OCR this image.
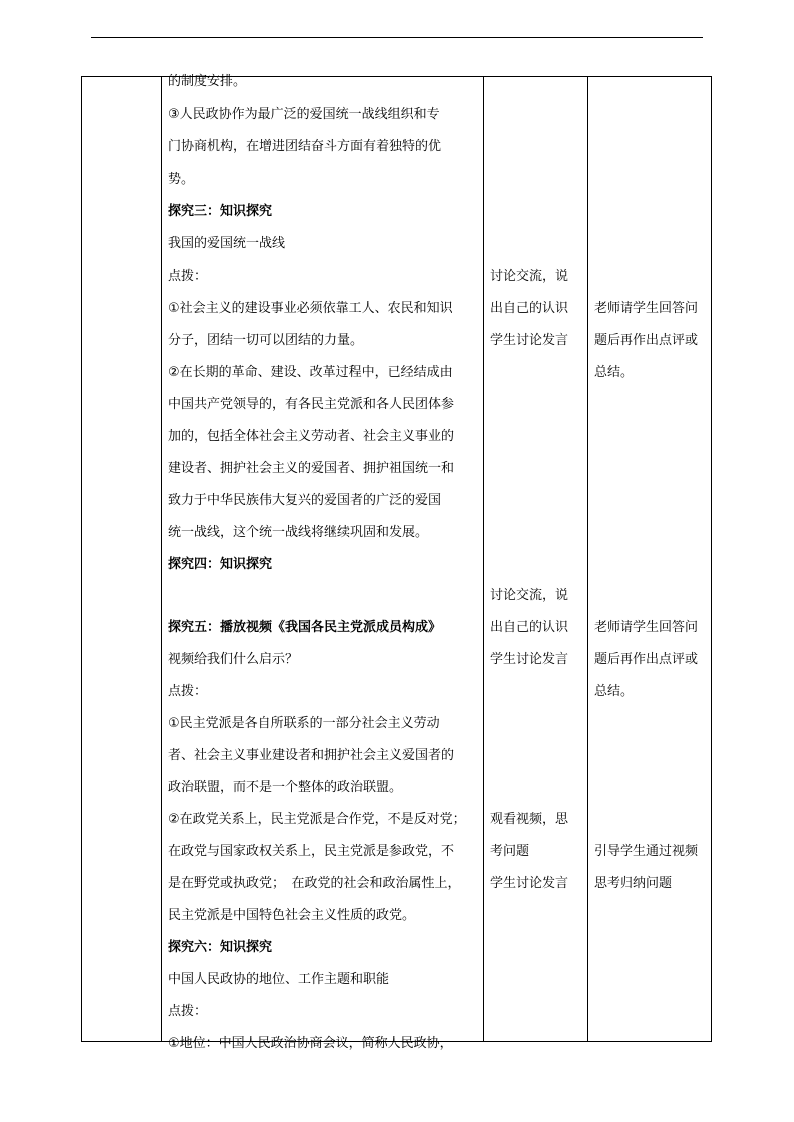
的制度安排。
③人民政协作为最广泛的爱国统一战线组织和专
门协商机构，在增进团结奋斗方面有着独特的优
势。
探究三：知识探究
我国的爱国统一战线
点拨：
①社会主义的建设事业必须依靠工人、农民和知识
分子，团结一切可以团结的力量。
②在长期的革命、建设、改革过程中，已经结成由
中国共产党领导的，有各民主党派和各人民团体参
加的，包括全体社会主义劳动者、社会主义事业的
建设者、拥护社会主义的爱国者、拥护祖国统一和
致力于中华民族伟大复兴的爱国者的广泛的爱国
统一战线，这个统一战线将继续巩固和发展。
探究四：知识探究
探究五：播放视频《我国各民主党派成员构成》
视频给我们什么启示？
点拨：
①民主党派是各自所联系的一部分社会主义劳动
者、社会主义事业建设者和拥护社会主义爱国者的
政治联盟，而不是一个整体的政治联盟。
②在政党关系上，民主党派是合作党，不是反对党；
在政党与国家政权关系上，民主党派是参政党，不
是在野党或执政党；　在政党的社会和政治属性上，
民主党派是中国特色社会主义性质的政党。
探究六：知识探究
中国人民政协的地位、工作主题和职能
点拨：
①地位：中国人民政治协商会议，简称人民政协，
讨论交流，说
出自己的认识
学生讨论发言
讨论交流，说
出自己的认识
学生讨论发言
观看视频，思
考问题
学生讨论发言
老师请学生回答问
题后再作出点评或
总结。
老师请学生回答问
题后再作出点评或
总结。
引导学生通过视频
思考归纳问题
